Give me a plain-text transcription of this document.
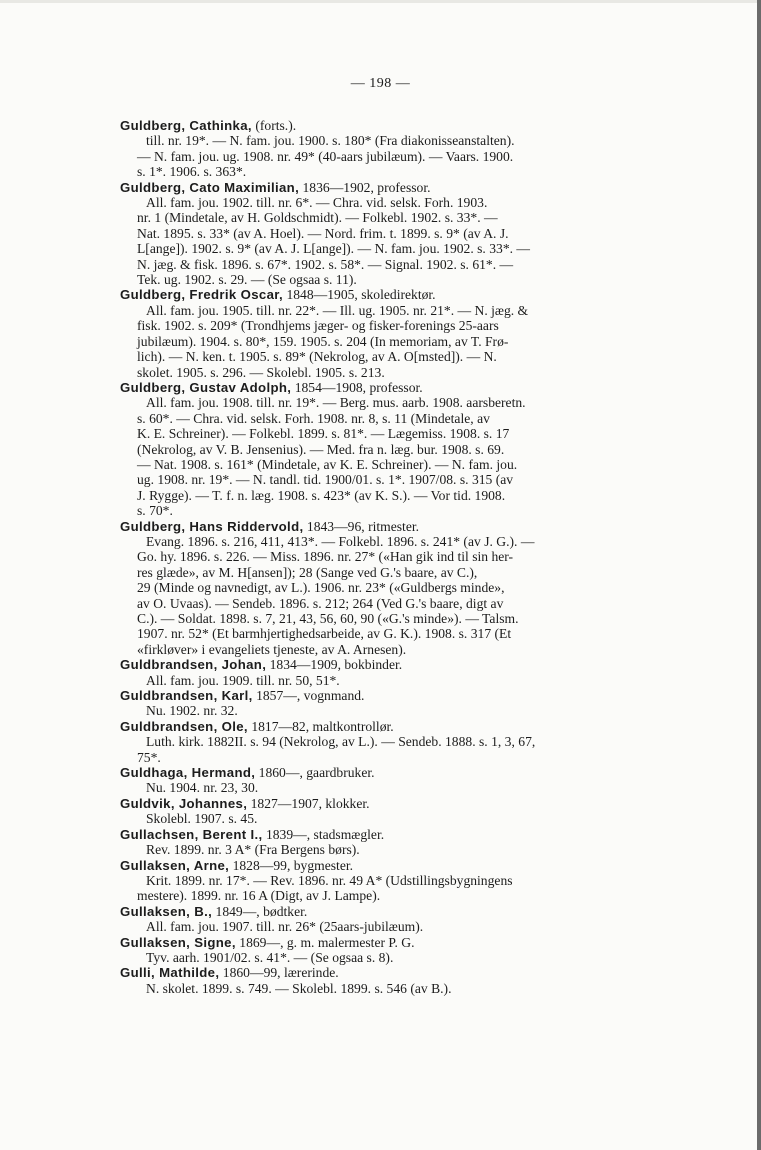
— 198 —
Guldberg, Cathinka, (forts.).
till. nr. 19*. — N. fam. jou. 1900. s. 180* (Fra diakonisseanstalten).
— N. fam. jou. ug. 1908. nr. 49* (40-aars jubilæum). — Vaars. 1900.
s. 1*. 1906. s. 363*.
Guldberg, Cato Maximilian, 1836—1902, professor.
All. fam. jou. 1902. till. nr. 6*. — Chra. vid. selsk. Forh. 1903.
nr. 1 (Mindetale, av H. Goldschmidt). — Folkebl. 1902. s. 33*. —
Nat. 1895. s. 33* (av A. Hoel). — Nord. frim. t. 1899. s. 9* (av A. J.
L[ange]). 1902. s. 9* (av A. J. L[ange]). — N. fam. jou. 1902. s. 33*. —
N. jæg. & fisk. 1896. s. 67*. 1902. s. 58*. — Signal. 1902. s. 61*. —
Tek. ug. 1902. s. 29. — (Se ogsaa s. 11).
Guldberg, Fredrik Oscar, 1848—1905, skoledirektør.
All. fam. jou. 1905. till. nr. 22*. — Ill. ug. 1905. nr. 21*. — N. jæg. &
fisk. 1902. s. 209* (Trondhjems jæger- og fisker-forenings 25-aars
jubilæum). 1904. s. 80*, 159. 1905. s. 204 (In memoriam, av T. Frø-
lich). — N. ken. t. 1905. s. 89* (Nekrolog, av A. O[msted]). — N.
skolet. 1905. s. 296. — Skolebl. 1905. s. 213.
Guldberg, Gustav Adolph, 1854—1908, professor.
All. fam. jou. 1908. till. nr. 19*. — Berg. mus. aarb. 1908. aarsberetn.
s. 60*. — Chra. vid. selsk. Forh. 1908. nr. 8, s. 11 (Mindetale, av
K. E. Schreiner). — Folkebl. 1899. s. 81*. — Lægemiss. 1908. s. 17
(Nekrolog, av V. B. Jensenius). — Med. fra n. læg. bur. 1908. s. 69.
— Nat. 1908. s. 161* (Mindetale, av K. E. Schreiner). — N. fam. jou.
ug. 1908. nr. 19*. — N. tandl. tid. 1900/01. s. 1*. 1907/08. s. 315 (av
J. Rygge). — T. f. n. læg. 1908. s. 423* (av K. S.). — Vor tid. 1908.
s. 70*.
Guldberg, Hans Riddervold, 1843—96, ritmester.
Evang. 1896. s. 216, 411, 413*. — Folkebl. 1896. s. 241* (av J. G.). —
Go. hy. 1896. s. 226. — Miss. 1896. nr. 27* («Han gik ind til sin her-
res glæde», av M. H[ansen]); 28 (Sange ved G.'s baare, av C.),
29 (Minde og navnedigt, av L.). 1906. nr. 23* («Guldbergs minde»,
av O. Uvaas). — Sendeb. 1896. s. 212; 264 (Ved G.'s baare, digt av
C.). — Soldat. 1898. s. 7, 21, 43, 56, 60, 90 («G.'s minde»). — Talsm.
1907. nr. 52* (Et barmhjertighedsarbeide, av G. K.). 1908. s. 317 (Et
«firkløver» i evangeliets tjeneste, av A. Arnesen).
Guldbrandsen, Johan, 1834—1909, bokbinder.
All. fam. jou. 1909. till. nr. 50, 51*.
Guldbrandsen, Karl, 1857—, vognmand.
Nu. 1902. nr. 32.
Guldbrandsen, Ole, 1817—82, maltkontrollør.
Luth. kirk. 1882II. s. 94 (Nekrolog, av L.). — Sendeb. 1888. s. 1, 3, 67,
75*.
Guldhaga, Hermand, 1860—, gaardbruker.
Nu. 1904. nr. 23, 30.
Guldvik, Johannes, 1827—1907, klokker.
Skolebl. 1907. s. 45.
Gullachsen, Berent I., 1839—, stadsmægler.
Rev. 1899. nr. 3 A* (Fra Bergens børs).
Gullaksen, Arne, 1828—99, bygmester.
Krit. 1899. nr. 17*. — Rev. 1896. nr. 49 A* (Udstillingsbygningens
mestere). 1899. nr. 16 A (Digt, av J. Lampe).
Gullaksen, B., 1849—, bødtker.
All. fam. jou. 1907. till. nr. 26* (25aars-jubilæum).
Gullaksen, Signe, 1869—, g. m. malermester P. G.
Tyv. aarh. 1901/02. s. 41*. — (Se ogsaa s. 8).
Gulli, Mathilde, 1860—99, lærerinde.
N. skolet. 1899. s. 749. — Skolebl. 1899. s. 546 (av B.).
